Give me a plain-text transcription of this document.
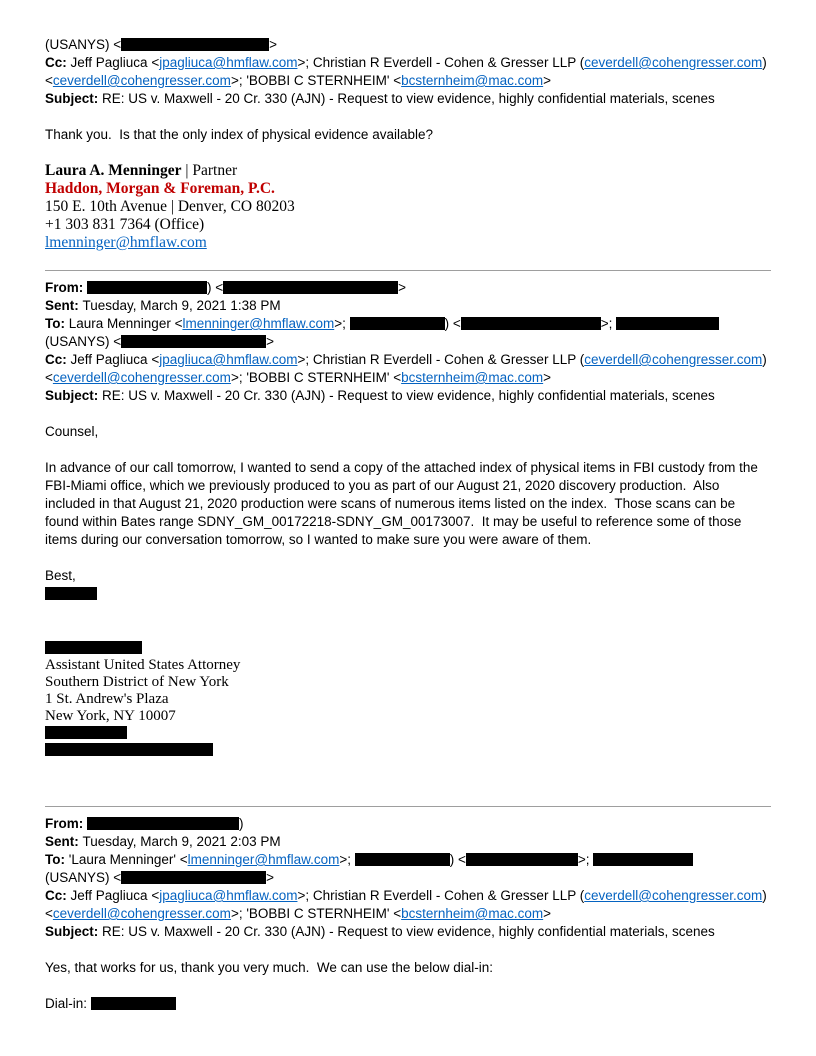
(USANYS) <	>
Cc: Jeff Pagliuca <jpagliuca@hmflaw.com>; Christian R Everdell - Cohen & Gresser LLP (ceverdell@cohengresser.com)
<ceverdell@cohengresser.com>; 'BOBBI C STERNHEIM' <bcsternheim@mac.com>
Subject: RE: US v. Maxwell - 20 Cr. 330 (AJN) - Request to view evidence, highly confidential materials, scenes
Thank you.  Is that the only index of physical evidence available?
Laura A. Menninger | Partner
Haddon, Morgan & Foreman, P.C.
150 E. 10th Avenue | Denver, CO 80203
+1 303 831 7364 (Office)
lmenninger@hmflaw.com
From:	) <	>
Sent: Tuesday, March 9, 2021 1:38 PM
To: Laura Menninger <lmenninger@hmflaw.com>;	) <	>;
(USANYS) <	>
Cc: Jeff Pagliuca <jpagliuca@hmflaw.com>; Christian R Everdell - Cohen & Gresser LLP (ceverdell@cohengresser.com)
<ceverdell@cohengresser.com>; 'BOBBI C STERNHEIM' <bcsternheim@mac.com>
Subject: RE: US v. Maxwell - 20 Cr. 330 (AJN) - Request to view evidence, highly confidential materials, scenes
Counsel,
In advance of our call tomorrow, I wanted to send a copy of the attached index of physical items in FBI custody from the FBI-Miami office, which we previously produced to you as part of our August 21, 2020 discovery production.  Also included in that August 21, 2020 production were scans of numerous items listed on the index.  Those scans can be found within Bates range SDNY_GM_00172218-SDNY_GM_00173007.  It may be useful to reference some of those items during our conversation tomorrow, so I wanted to make sure you were aware of them.
Best,
Assistant United States Attorney
Southern District of New York
1 St. Andrew's Plaza
New York, NY 10007
From:	)
Sent: Tuesday, March 9, 2021 2:03 PM
To: 'Laura Menninger' <lmenninger@hmflaw.com>;	) <	>;
(USANYS) <	>
Cc: Jeff Pagliuca <jpagliuca@hmflaw.com>; Christian R Everdell - Cohen & Gresser LLP (ceverdell@cohengresser.com)
<ceverdell@cohengresser.com>; 'BOBBI C STERNHEIM' <bcsternheim@mac.com>
Subject: RE: US v. Maxwell - 20 Cr. 330 (AJN) - Request to view evidence, highly confidential materials, scenes
Yes, that works for us, thank you very much.  We can use the below dial-in:
Dial-in:
